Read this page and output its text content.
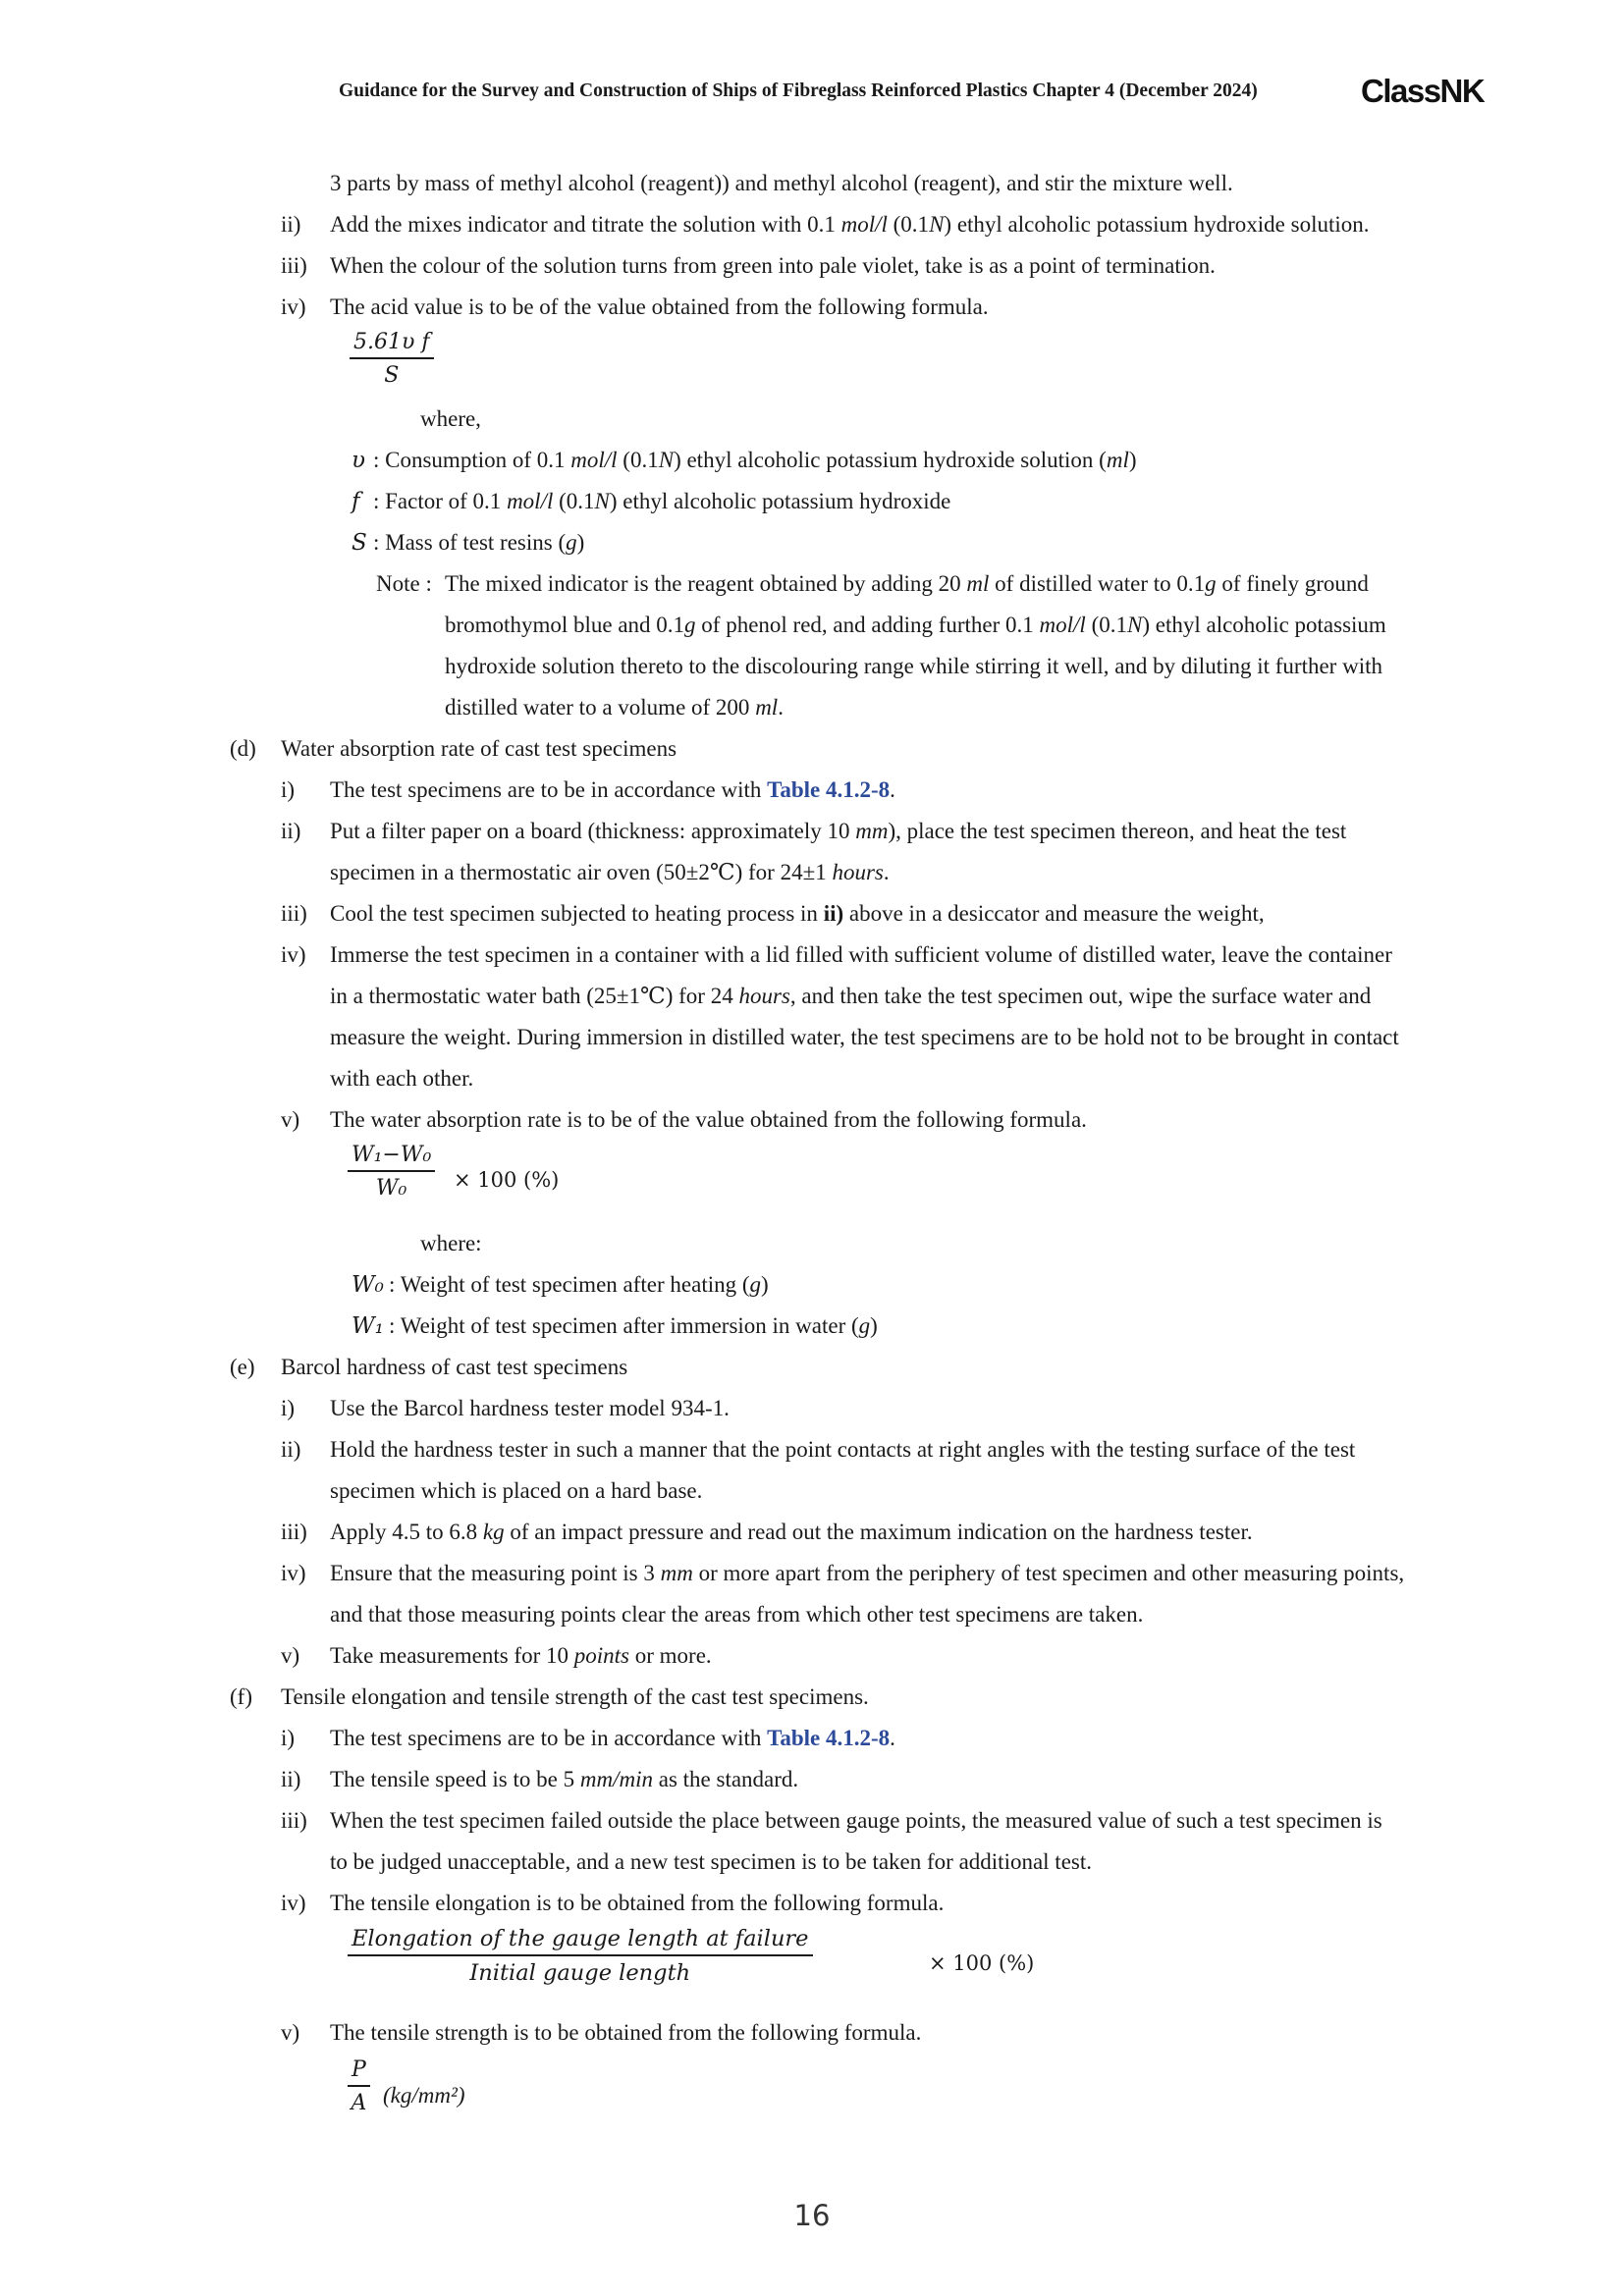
Guidance for the Survey and Construction of Ships of Fibreglass Reinforced Plastics Chapter 4 (December 2024)	ClassNK
3 parts by mass of methyl alcohol (reagent)) and methyl alcohol (reagent), and stir the mixture well.
ii) Add the mixes indicator and titrate the solution with 0.1 mol/l (0.1N) ethyl alcoholic potassium hydroxide solution.
iii) When the colour of the solution turns from green into pale violet, take is as a point of termination.
iv) The acid value is to be of the value obtained from the following formula.
$\frac{\text{5.61υ f}}{S}$
where,
υ : Consumption of 0.1 mol/l (0.1N) ethyl alcoholic potassium hydroxide solution (ml)
f : Factor of 0.1 mol/l (0.1N) ethyl alcoholic potassium hydroxide
S : Mass of test resins (g)
Note : The mixed indicator is the reagent obtained by adding 20 ml of distilled water to 0.1g of finely ground
bromothymol blue and 0.1g of phenol red, and adding further 0.1 mol/l (0.1N) ethyl alcoholic potassium
hydroxide solution thereto to the discolouring range while stirring it well, and by diluting it further with
distilled water to a volume of 200 ml.
(d) Water absorption rate of cast test specimens
i) The test specimens are to be in accordance with Table 4.1.2-8.
ii) Put a filter paper on a board (thickness: approximately 10 mm), place the test specimen thereon, and heat the test
specimen in a thermostatic air oven (50±2℃) for 24±1 hours.
iii) Cool the test specimen subjected to heating process in ii) above in a desiccator and measure the weight,
iv) Immerse the test specimen in a container with a lid filled with sufficient volume of distilled water, leave the container
in a thermostatic water bath (25±1℃) for 24 hours, and then take the test specimen out, wipe the surface water and
measure the weight. During immersion in distilled water, the test specimens are to be hold not to be brought in contact
with each other.
v) The water absorption rate is to be of the value obtained from the following formula.
$\frac{\text{W₁−W₀}}{\text{W₀}} \times 100$ (%)
where:
W₀ : Weight of test specimen after heating (g)
W₁ : Weight of test specimen after immersion in water (g)
(e) Barcol hardness of cast test specimens
i) Use the Barcol hardness tester model 934-1.
ii) Hold the hardness tester in such a manner that the point contacts at right angles with the testing surface of the test
specimen which is placed on a hard base.
iii) Apply 4.5 to 6.8 kg of an impact pressure and read out the maximum indication on the hardness tester.
iv) Ensure that the measuring point is 3 mm or more apart from the periphery of test specimen and other measuring points,
and that those measuring points clear the areas from which other test specimens are taken.
v) Take measurements for 10 points or more.
(f) Tensile elongation and tensile strength of the cast test specimens.
i) The test specimens are to be in accordance with Table 4.1.2-8.
ii) The tensile speed is to be 5 mm/min as the standard.
iii) When the test specimen failed outside the place between gauge points, the measured value of such a test specimen is
to be judged unacceptable, and a new test specimen is to be taken for additional test.
iv) The tensile elongation is to be obtained from the following formula.
Elongation of the gauge length at failure
Initial gauge length	× 100 (%)
v) The tensile strength is to be obtained from the following formula.
$\frac{P}{A} (kg/mm^2)$
16
